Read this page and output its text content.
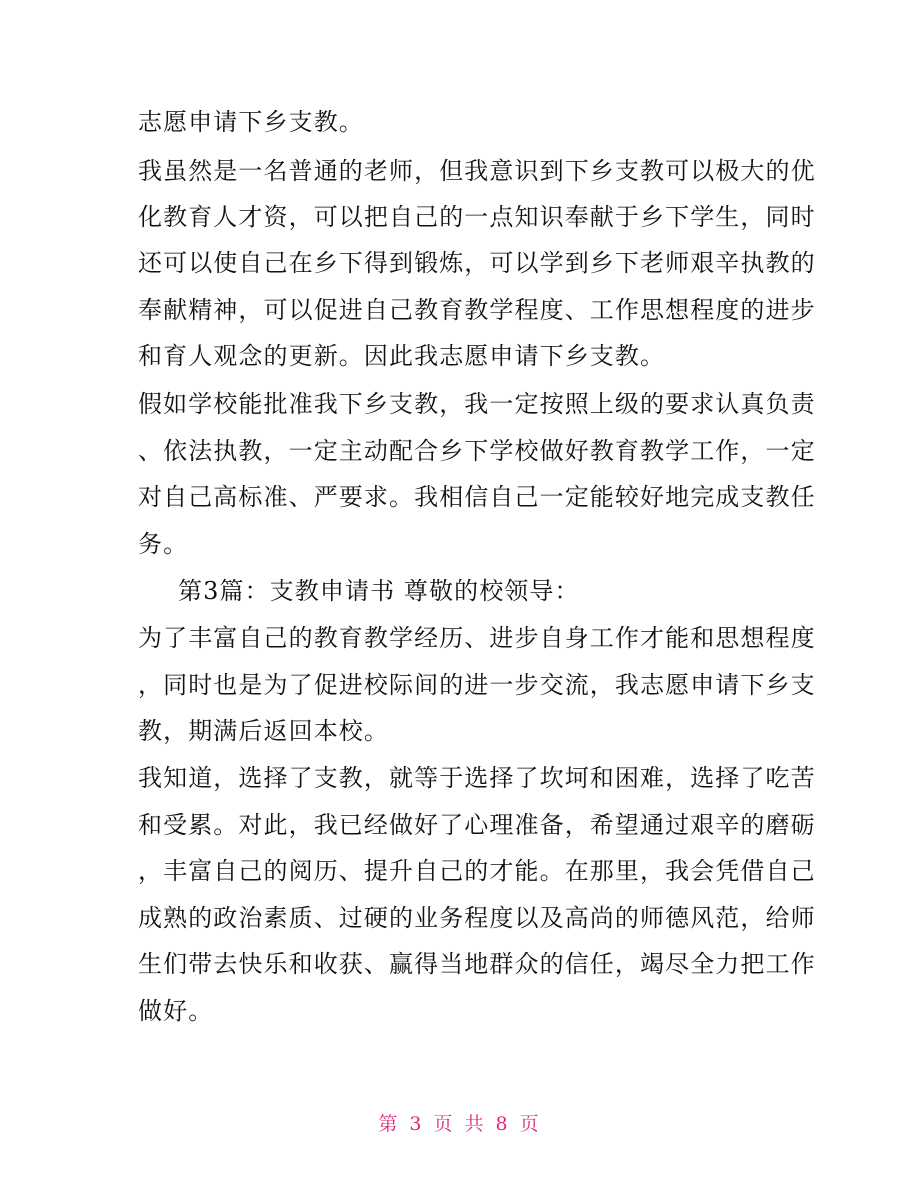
志愿申请下乡支教。
我虽然是一名普通的老师，但我意识到下乡支教可以极大的优
化教育人才资，可以把自己的一点知识奉献于乡下学生，同时
还可以使自己在乡下得到锻炼，可以学到乡下老师艰辛执教的
奉献精神，可以促进自己教育教学程度、工作思想程度的进步
和育人观念的更新。因此我志愿申请下乡支教。
假如学校能批准我下乡支教，我一定按照上级的要求认真负责
、依法执教，一定主动配合乡下学校做好教育教学工作，一定
对自己高标准、严要求。我相信自己一定能较好地完成支教任
务。
第3篇：支教申请书 尊敬的校领导：
为了丰富自己的教育教学经历、进步自身工作才能和思想程度
，同时也是为了促进校际间的进一步交流，我志愿申请下乡支
教，期满后返回本校。
我知道，选择了支教，就等于选择了坎坷和困难，选择了吃苦
和受累。对此，我已经做好了心理准备，希望通过艰辛的磨砺
，丰富自己的阅历、提升自己的才能。在那里，我会凭借自己
成熟的政治素质、过硬的业务程度以及高尚的师德风范，给师
生们带去快乐和收获、赢得当地群众的信任，竭尽全力把工作
做好。
第 3 页 共 8 页
